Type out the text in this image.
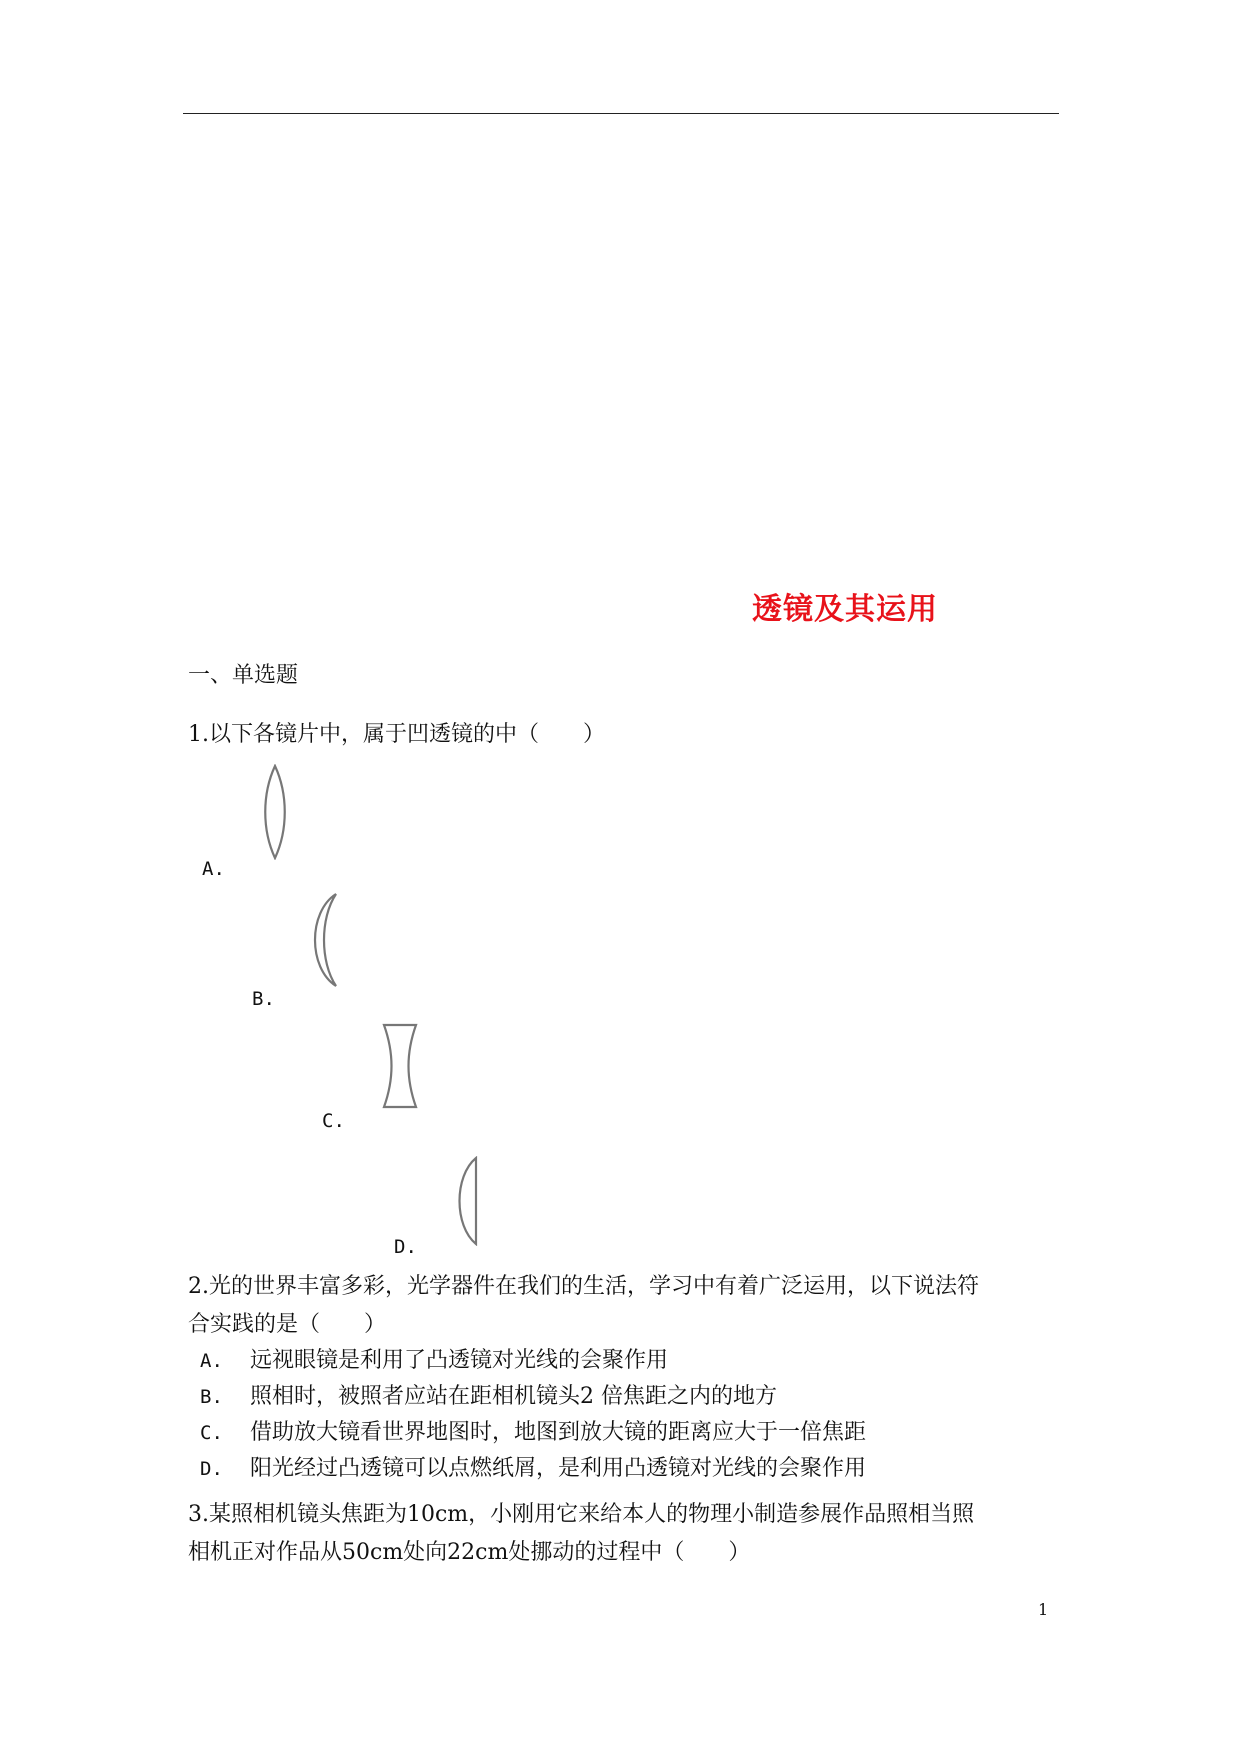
透镜及其运用
一、单选题
1.以下各镜片中，属于凹透镜的中（　　）
A.
B.
C.
D.
2.光的世界丰富多彩，光学器件在我们的生活，学习中有着广泛运用，以下说法符
合实践的是（　　）
A. 远视眼镜是利用了凸透镜对光线的会聚作用
B. 照相时，被照者应站在距相机镜头2 倍焦距之内的地方
C. 借助放大镜看世界地图时，地图到放大镜的距离应大于一倍焦距
D. 阳光经过凸透镜可以点燃纸屑，是利用凸透镜对光线的会聚作用
3.某照相机镜头焦距为10cm，小刚用它来给本人的物理小制造参展作品照相当照
相机正对作品从50cm处向22cm处挪动的过程中（　　）
1
